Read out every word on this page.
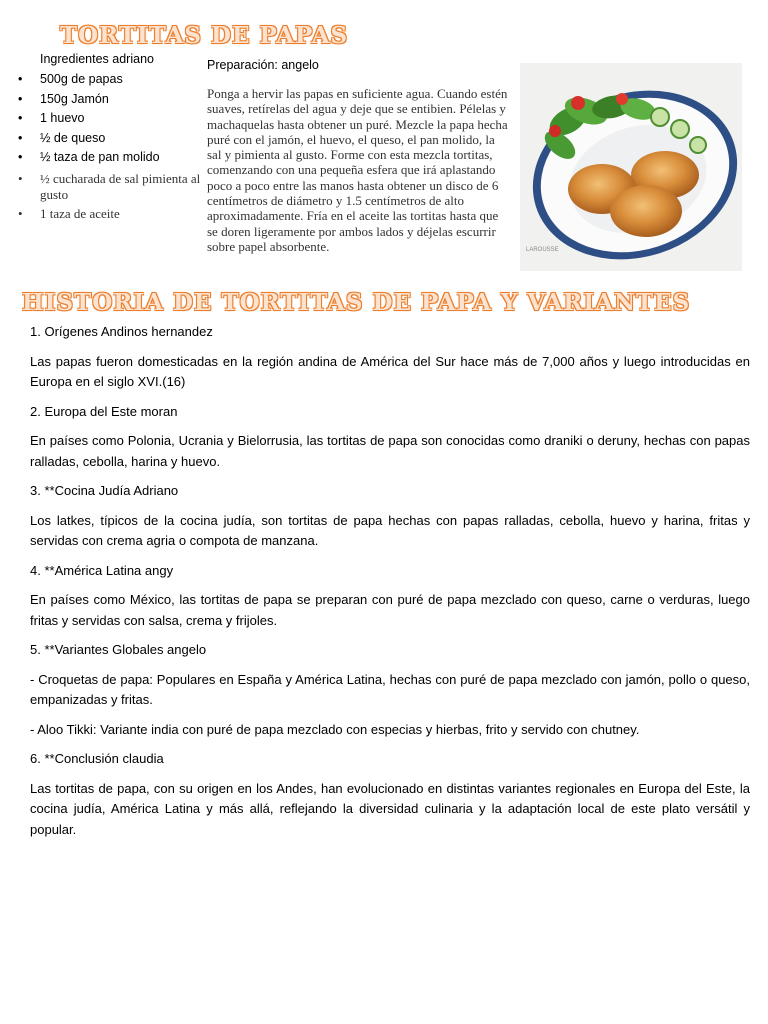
TORTITAS DE PAPAS
Ingredientes adriano
• 500g de papas
• 150g Jamón
• 1 huevo
• ½ de queso
• ½ taza de pan molido
• ½ cucharada de sal pimienta al gusto
• 1 taza de aceite
Preparación: angelo
Ponga a hervir las papas en suficiente agua. Cuando estén suaves, retírelas del agua y deje que se entibien. Pélelas y machaquelas hasta obtener un puré. Mezcle la papa hecha puré con el jamón, el huevo, el queso, el pan molido, la sal y pimienta al gusto. Forme con esta mezcla tortitas, comenzando con una pequeña esfera que irá aplastando poco a poco entre las manos hasta obtener un disco de 6 centímetros de diámetro y 1.5 centímetros de alto aproximadamente. Fría en el aceite las tortitas hasta que se doren ligeramente por ambos lados y déjelas escurrir sobre papel absorbente.	LAROUSSE
HISTORIA DE TORTITAS DE PAPA Y VARIANTES

1. Orígenes Andinos hernandez

Las papas fueron domesticadas en la región andina de América del Sur hace más de 7,000 años y luego introducidas en Europa en el siglo XVI.(16)

2. Europa del Este moran

En países como Polonia, Ucrania y Bielorrusia, las tortitas de papa son conocidas como draniki o deruny, hechas con papas ralladas, cebolla, harina y huevo.

3. **Cocina Judía Adriano

Los latkes, típicos de la cocina judía, son tortitas de papa hechas con papas ralladas, cebolla, huevo y harina, fritas y servidas con crema agria o compota de manzana.

4. **América Latina angy

En países como México, las tortitas de papa se preparan con puré de papa mezclado con queso, carne o verduras, luego fritas y servidas con salsa, crema y frijoles.

5. **Variantes Globales angelo

- Croquetas de papa: Populares en España y América Latina, hechas con puré de papa mezclado con jamón, pollo o queso, empanizadas y fritas.

- Aloo Tikki: Variante india con puré de papa mezclado con especias y hierbas, frito y servido con chutney.

6. **Conclusión claudia

Las tortitas de papa, con su origen en los Andes, han evolucionado en distintas variantes regionales en Europa del Este, la cocina judía, América Latina y más allá, reflejando la diversidad culinaria y la adaptación local de este plato versátil y popular.
